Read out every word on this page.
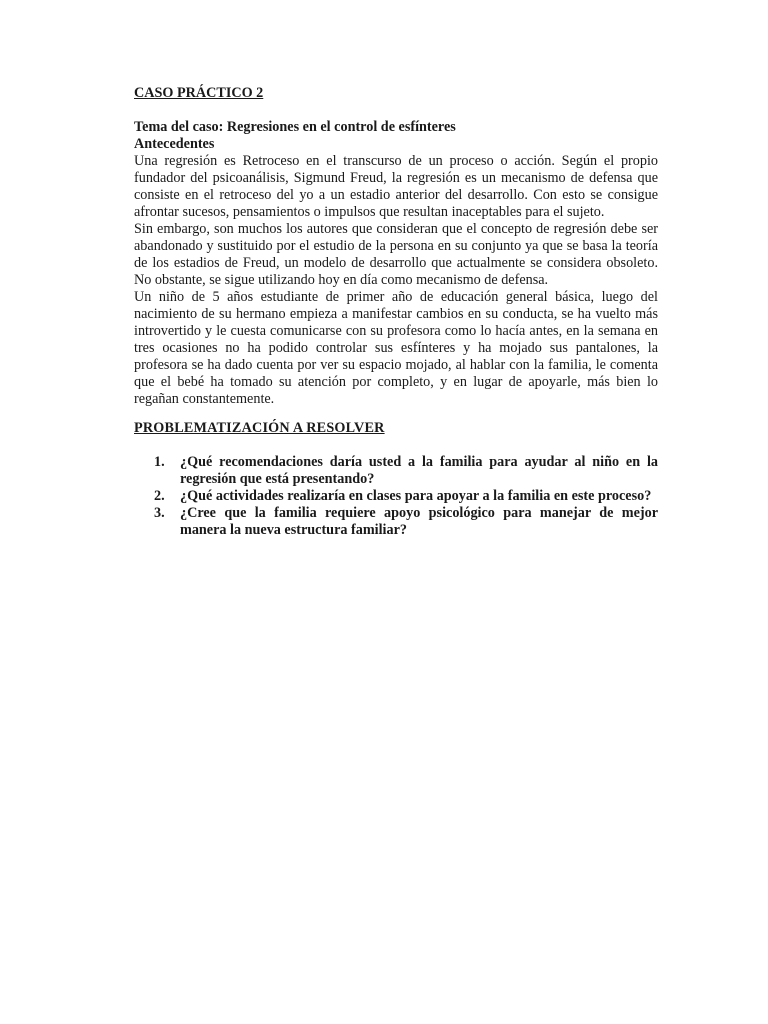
CASO PRÁCTICO 2

Tema del caso: Regresiones en el control de esfínteres

Antecedentes

Una regresión es Retroceso en el transcurso de un proceso o acción. Según el propio fundador del psicoanálisis, Sigmund Freud, la regresión es un mecanismo de defensa que consiste en el retroceso del yo a un estadio anterior del desarrollo. Con esto se consigue afrontar sucesos, pensamientos o impulsos que resultan inaceptables para el sujeto.

Sin embargo, son muchos los autores que consideran que el concepto de regresión debe ser abandonado y sustituido por el estudio de la persona en su conjunto ya que se basa la teoría de los estadios de Freud, un modelo de desarrollo que actualmente se considera obsoleto. No obstante, se sigue utilizando hoy en día como mecanismo de defensa.

Un niño de 5 años estudiante de primer año de educación general básica, luego del nacimiento de su hermano empieza a manifestar cambios en su conducta, se ha vuelto más introvertido y le cuesta comunicarse con su profesora como lo hacía antes, en la semana en tres ocasiones no ha podido controlar sus esfínteres y ha mojado sus pantalones, la profesora se ha dado cuenta por ver su espacio mojado, al hablar con la familia, le comenta que el bebé ha tomado su atención por completo, y en lugar de apoyarle, más bien lo regañan constantemente.

PROBLEMATIZACIÓN A RESOLVER

1. ¿Qué recomendaciones daría usted a la familia para ayudar al niño en la regresión que está presentando?
2. ¿Qué actividades realizaría en clases para apoyar a la familia en este proceso?
3. ¿Cree que la familia requiere apoyo psicológico para manejar de mejor manera la nueva estructura familiar?
